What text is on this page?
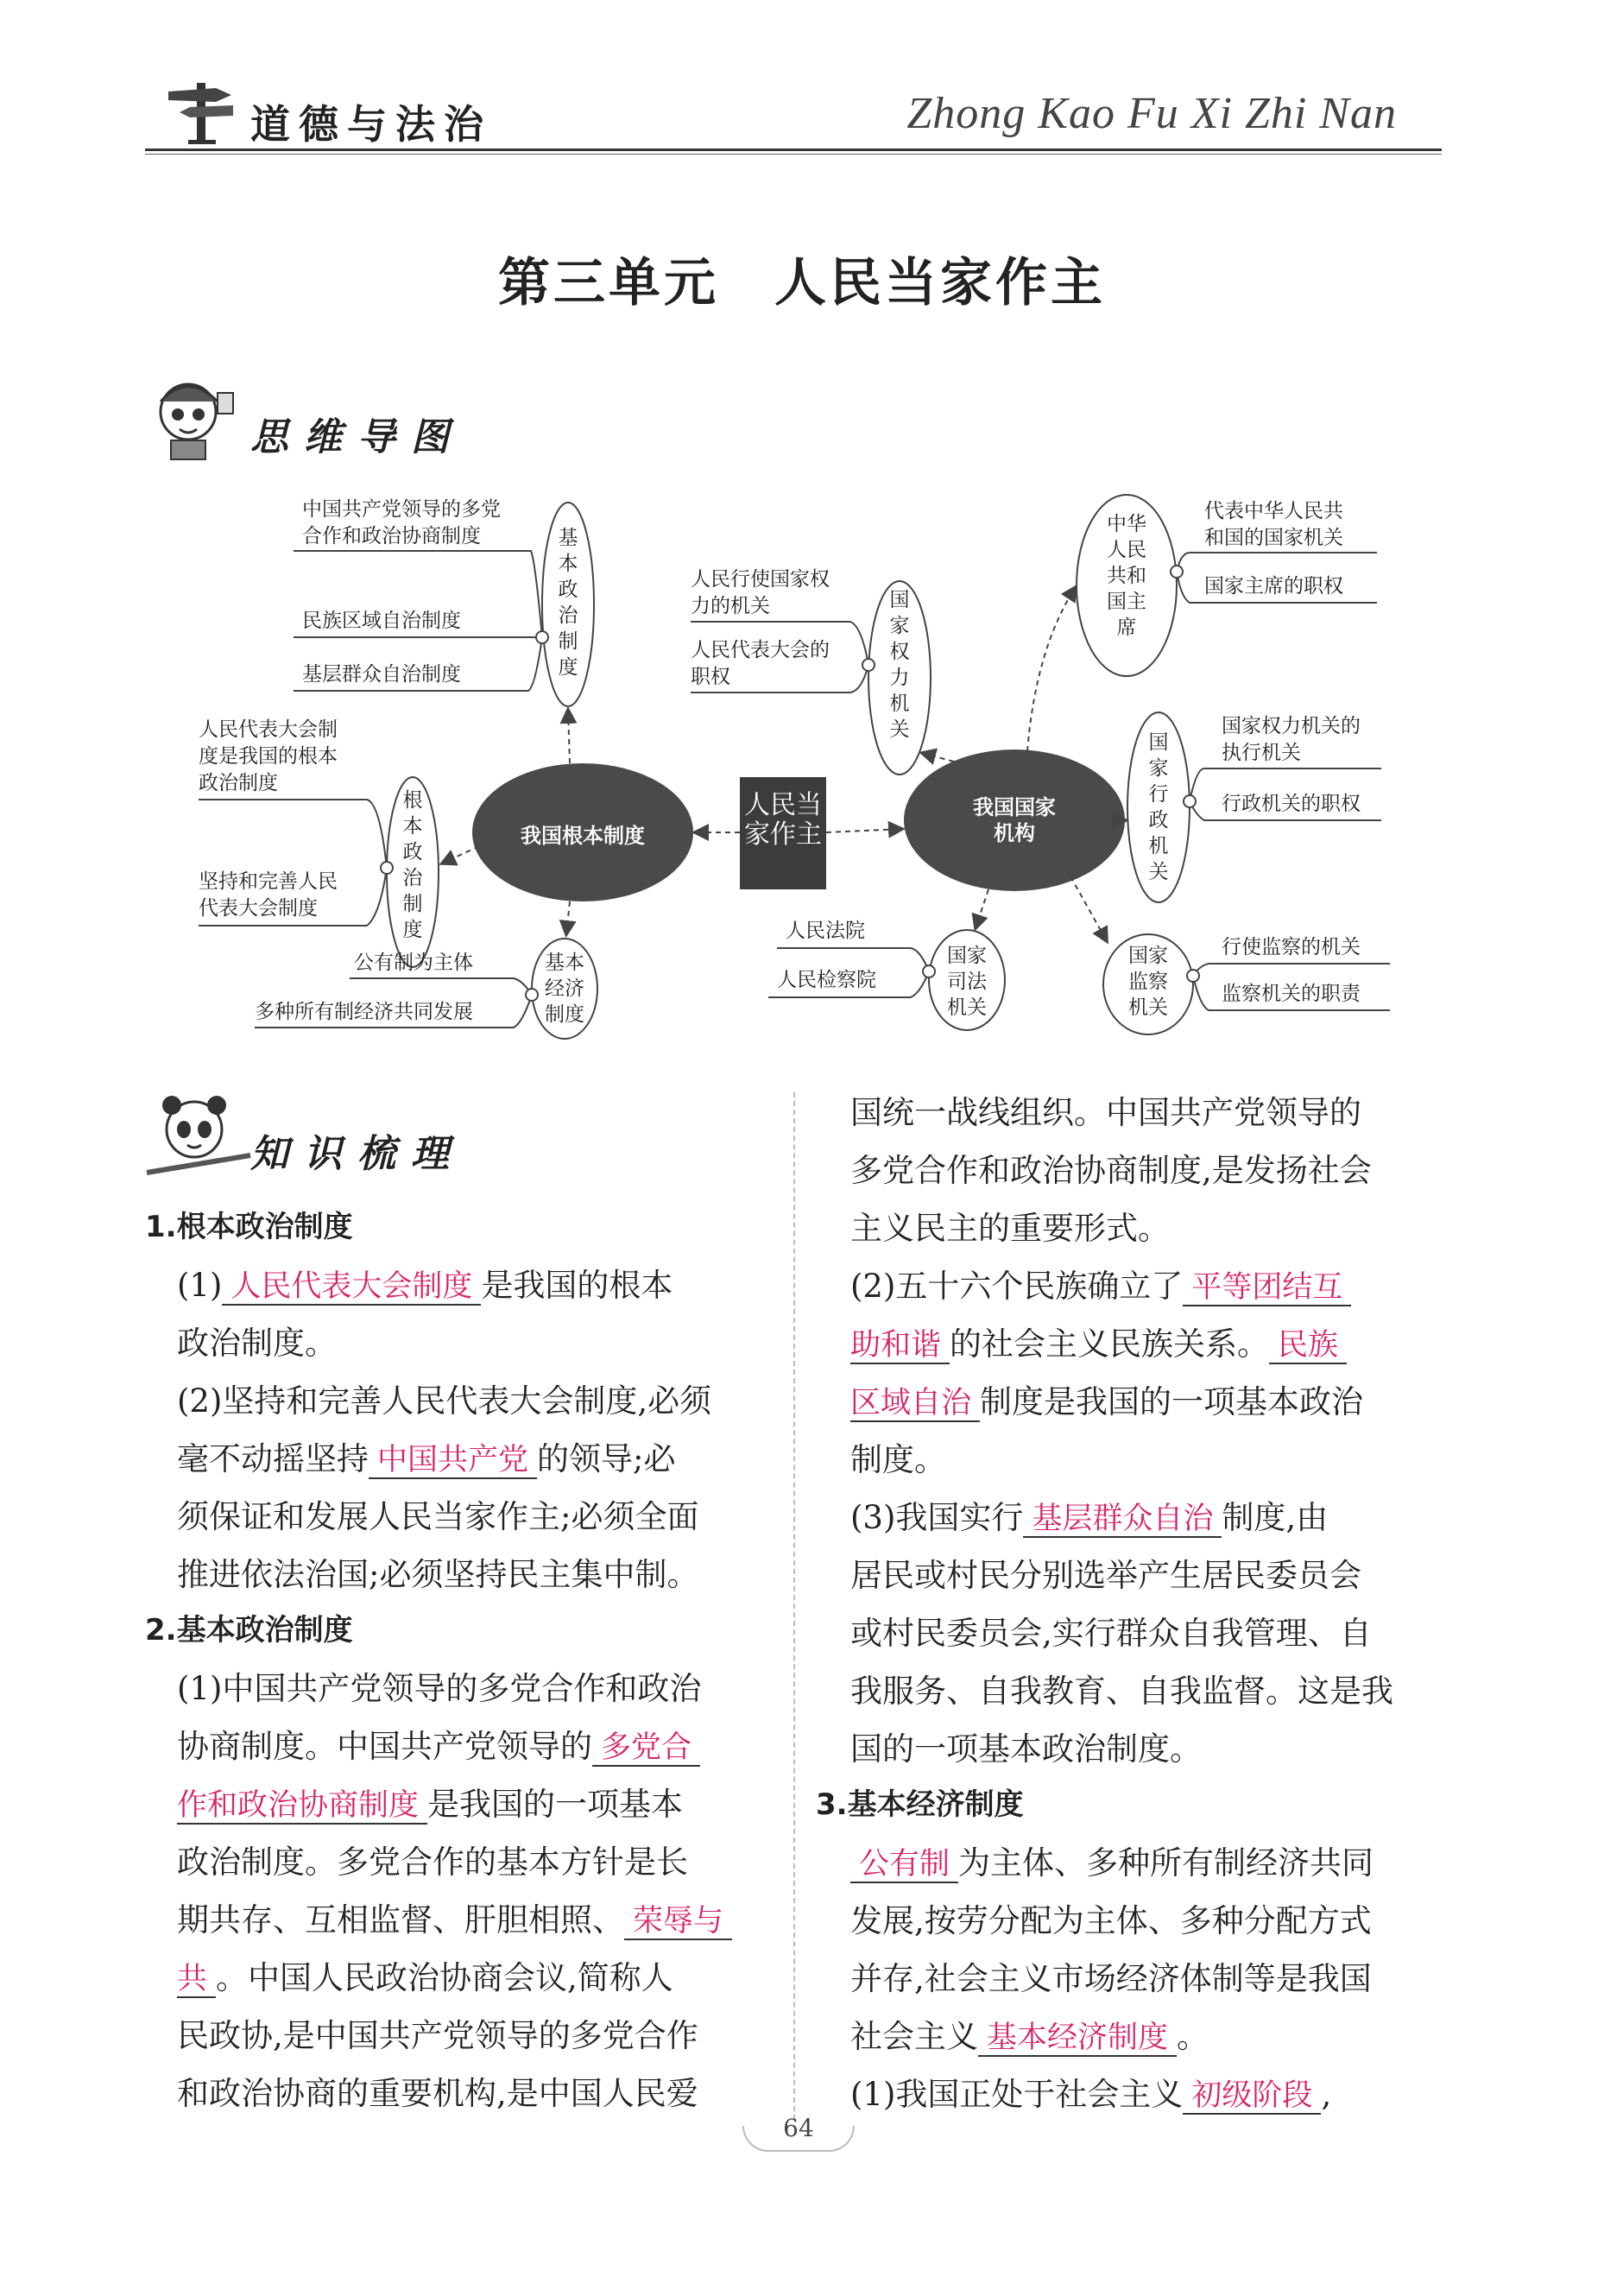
道德与法治	Zhong Kao Fu Xi Zhi Nan
第三单元　人民当家作主
思维导图
人民当家作主
我国根本制度
我国国家机构
基本政治制度
中国共产党领导的多党
合作和政治协商制度
民族区域自治制度
基层群众自治制度
根本政治制度
人民代表大会制
度是我国的根本
政治制度
坚持和完善人民
代表大会制度
基本经济制度
公有制为主体
多种所有制经济共同发展
国家权力机关
人民行使国家权
力的机关
人民代表大会的
职权
中华人民共和国主席
代表中华人民共
和国的国家机关
国家主席的职权
国家行政机关
国家权力机关的
执行机关
行政机关的职权
国家司法机关
人民法院
人民检察院
国家监察机关
行使监察的机关
监察机关的职责
知识梳理
1.根本政治制度
(1) 人民代表大会制度 是我国的根本
政治制度。
(2)坚持和完善人民代表大会制度,必须
毫不动摇坚持 中国共产党 的领导;必
须保证和发展人民当家作主;必须全面
推进依法治国;必须坚持民主集中制。
2.基本政治制度
(1)中国共产党领导的多党合作和政治
协商制度。中国共产党领导的 多党合
作和政治协商制度 是我国的一项基本
政治制度。多党合作的基本方针是长
期共存、互相监督、肝胆相照、 荣辱与
共 。中国人民政治协商会议,简称人
民政协,是中国共产党领导的多党合作
和政治协商的重要机构,是中国人民爱
国统一战线组织。中国共产党领导的
多党合作和政治协商制度,是发扬社会
主义民主的重要形式。
(2)五十六个民族确立了 平等团结互
助和谐 的社会主义民族关系。 民族
区域自治 制度是我国的一项基本政治
制度。
(3)我国实行 基层群众自治 制度,由
居民或村民分别选举产生居民委员会
或村民委员会,实行群众自我管理、自
我服务、自我教育、自我监督。这是我
国的一项基本政治制度。
3.基本经济制度
公有制 为主体、多种所有制经济共同
发展,按劳分配为主体、多种分配方式
并存,社会主义市场经济体制等是我国
社会主义 基本经济制度 。
(1)我国正处于社会主义 初级阶段 ,
64
